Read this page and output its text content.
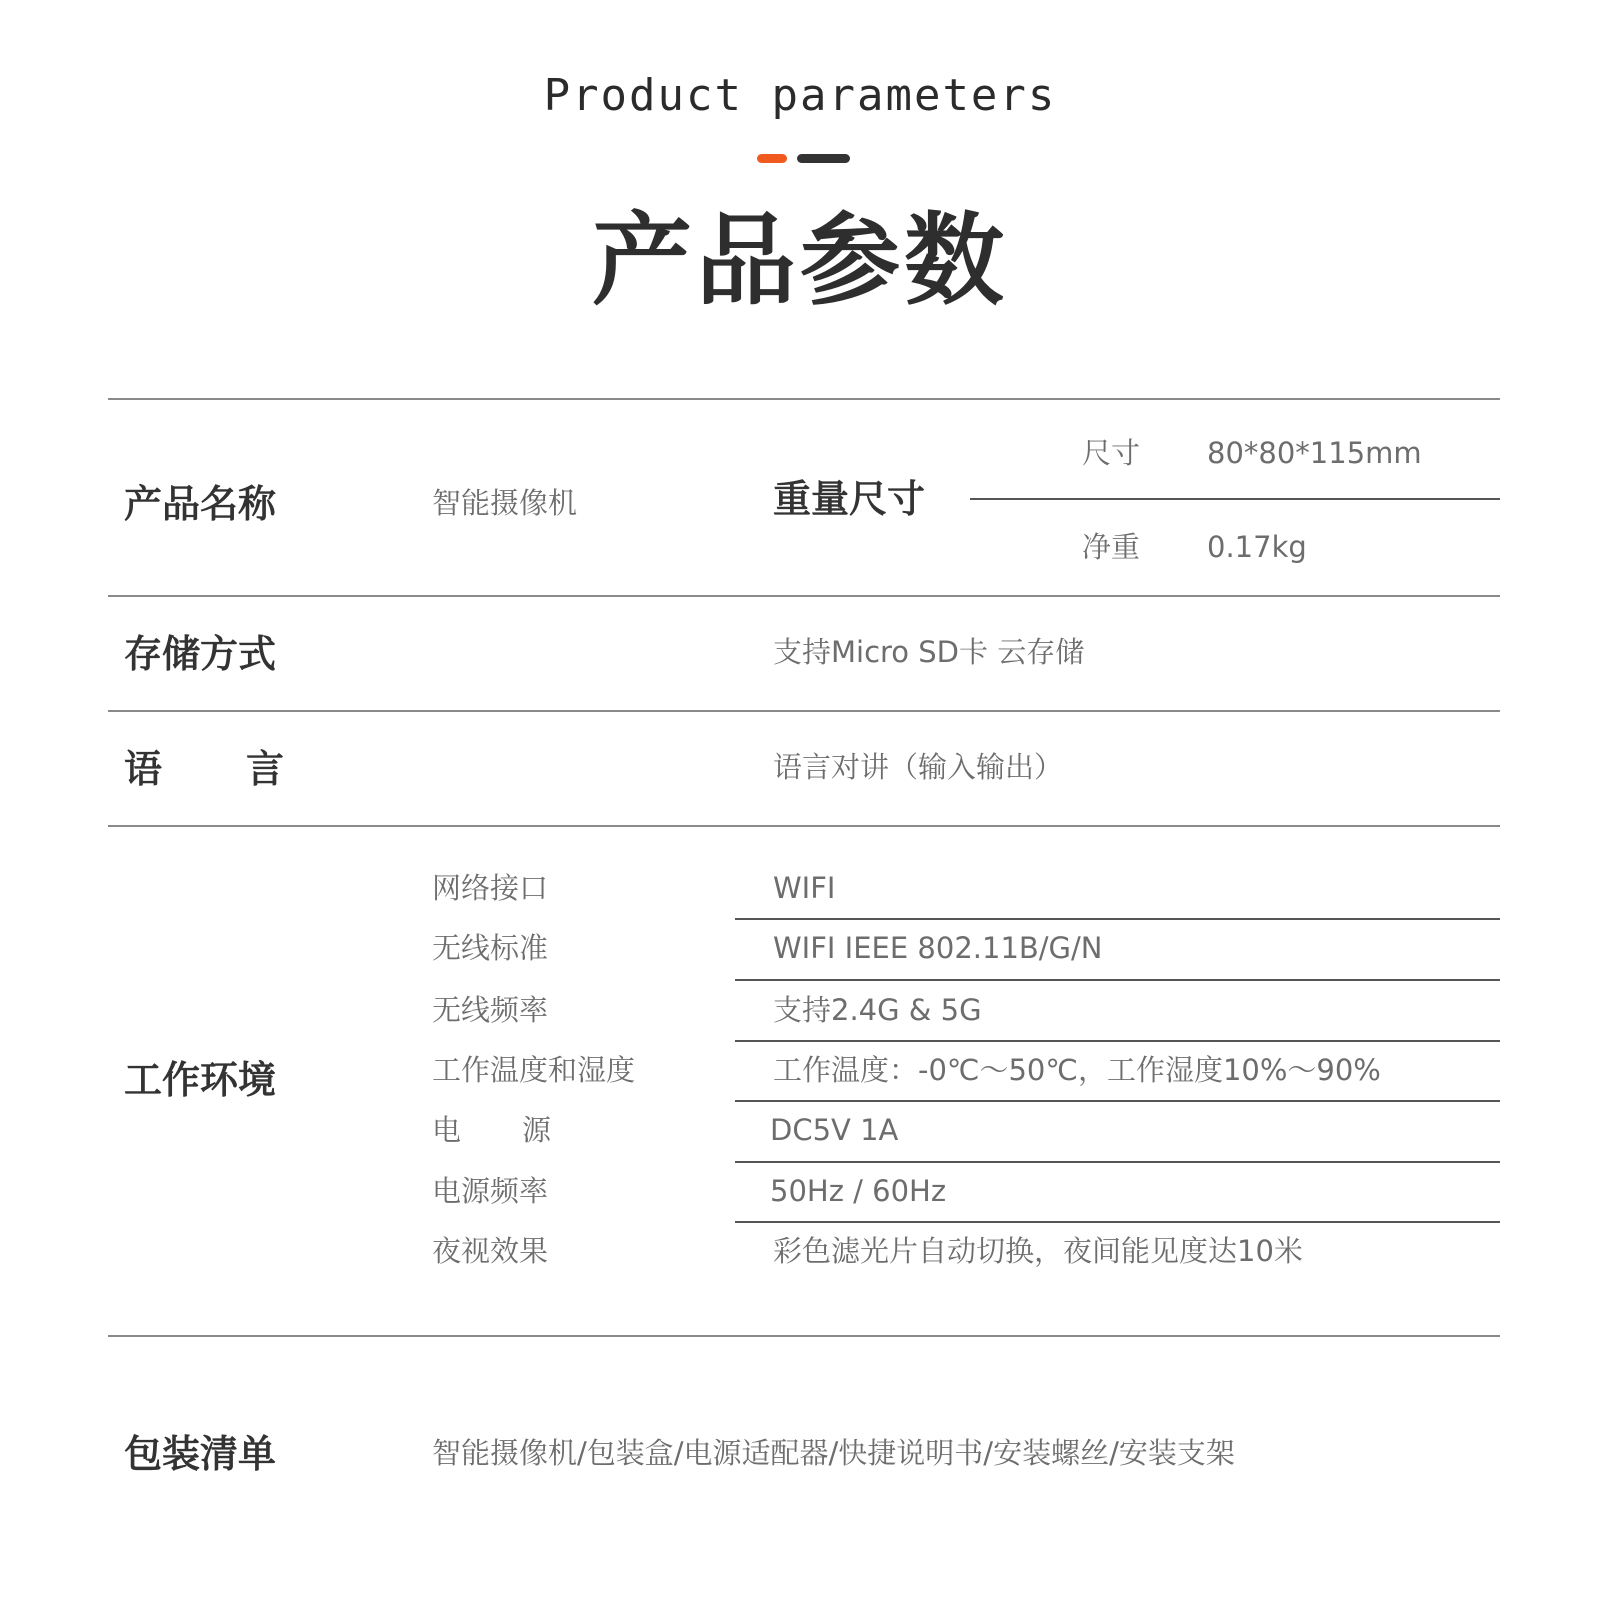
Product parameters
产品参数
产品名称	智能摄像机	重量尺寸
尺寸 80*80*115mm
净重 0.17kg
存储方式	支持Micro SD卡 云存储
语 言	语言对讲（输入输出）
工作环境
网络接口	WIFI
无线标准	WIFI IEEE 802.11B/G/N
无线频率	支持2.4G & 5G
工作温度和湿度	工作温度：-0℃～50℃，工作湿度10%～90%
电 源	DC5V 1A
电源频率	50Hz / 60Hz
夜视效果	彩色滤光片自动切换，夜间能见度达10米
包装清单	智能摄像机/包装盒/电源适配器/快捷说明书/安装螺丝/安装支架
